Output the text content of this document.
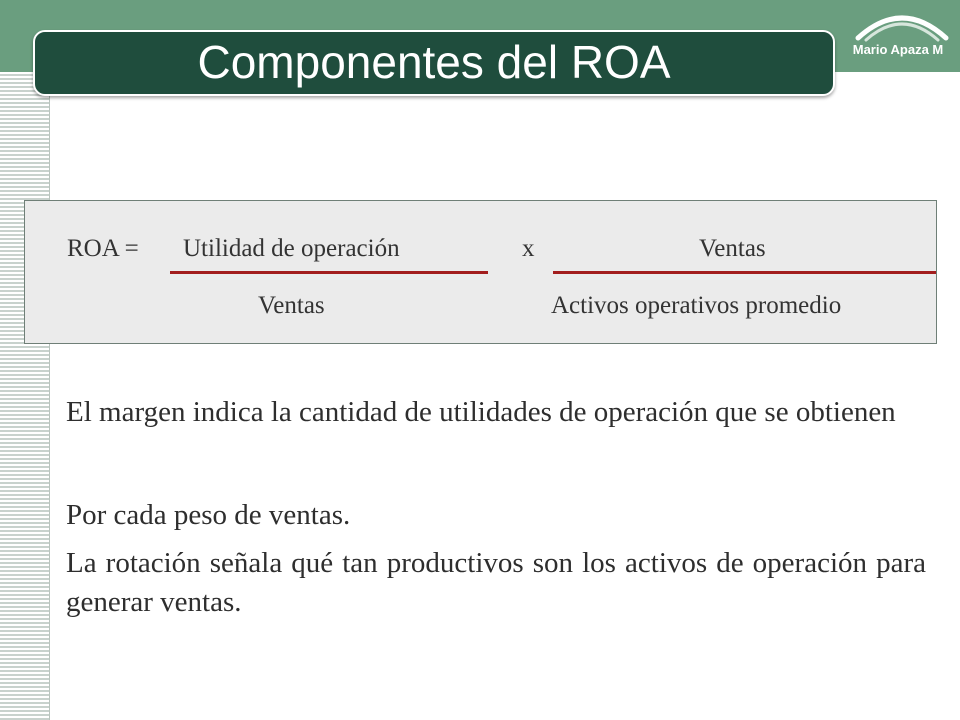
Mario Apaza M
Componentes del ROA
ROA = Utilidad de operación
Ventas
x	Ventas
Activos operativos promedio
El margen indica la cantidad de utilidades de operación que se obtienen
Por cada peso de ventas.
La rotación señala qué tan productivos son los activos de operación para generar ventas.
